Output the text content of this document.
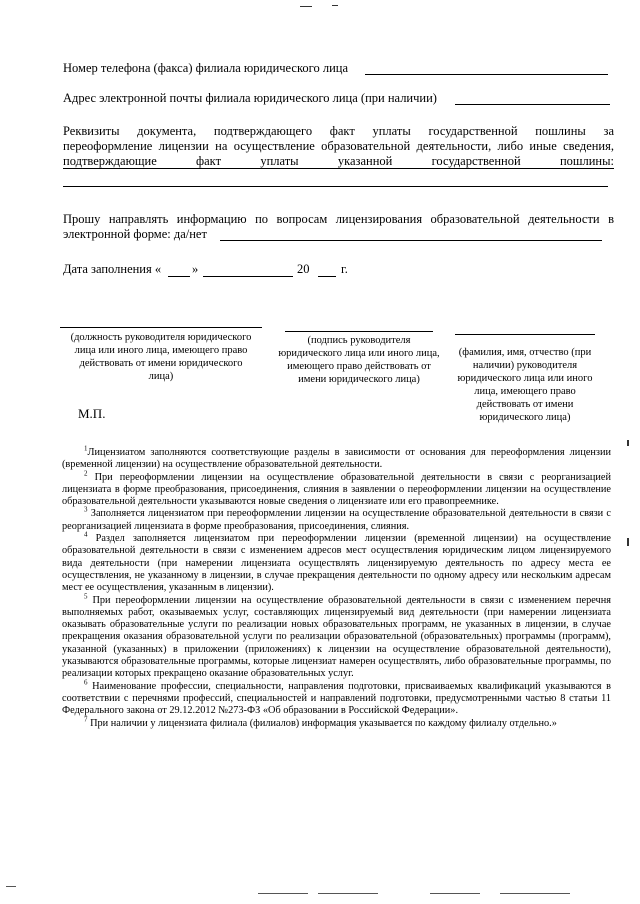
Номер телефона (факса) филиала юридического лица
Адрес электронной почты филиала юридического лица (при наличии)
Реквизиты документа, подтверждающего факт уплаты государственной пошлины за
переоформление лицензии на осуществление образовательной деятельности, либо иные сведения,
подтверждающие факт уплаты указанной государственной пошлины:
Прошу направлять информацию по вопросам лицензирования образовательной деятельности в
электронной форме: да/нет
Дата заполнения « »	20	г.
(должность руководителя юридического лица или иного лица, имеющего право действовать от имени юридического лица)
(подпись руководителя юридического лица или иного лица, имеющего право действовать от имени юридического лица)
(фамилия, имя, отчество (при наличии) руководителя юридического лица или иного лица, имеющего право действовать от имени юридического лица)
М.П.

$^1$Лицензиатом заполняются соответствующие разделы в зависимости от основания для переоформления лицензии (временной лицензии) на осуществление образовательной деятельности.

$^2$ При переоформлении лицензии на осуществление образовательной деятельности в связи с реорганизацией лицензиата в форме преобразования, присоединения, слияния в заявлении о переоформлении лицензии на осуществление образовательной деятельности указываются новые сведения о лицензиате или его правопреемнике.

$^3$ Заполняется лицензиатом при переоформлении лицензии на осуществление образовательной деятельности в связи с реорганизацией лицензиата в форме преобразования, присоединения, слияния.

$^4$ Раздел заполняется лицензиатом при переоформлении лицензии (временной лицензии) на осуществление образовательной деятельности в связи с изменением адресов мест осуществления юридическим лицом лицензируемого вида деятельности (при намерении лицензиата осуществлять лицензируемую деятельность по адресу места ее осуществления, не указанному в лицензии, в случае прекращения деятельности по одному адресу или нескольким адресам мест ее осуществления, указанным в лицензии).

$^5$ При переоформлении лицензии на осуществление образовательной деятельности в связи с изменением перечня выполняемых работ, оказываемых услуг, составляющих лицензируемый вид деятельности (при намерении лицензиата оказывать образовательные услуги по реализации новых образовательных программ, не указанных в лицензии, в случае прекращения оказания образовательной услуги по реализации образовательной (образовательных) программы (программ), указанной (указанных) в приложении (приложениях) к лицензии на осуществление образовательной деятельности), указываются образовательные программы, которые лицензиат намерен осуществлять, либо образовательные программы, по реализации которых прекращено оказание образовательных услуг.

$^6$ Наименование профессии, специальности, направления подготовки, присваиваемых квалификаций указываются в соответствии с перечнями профессий, специальностей и направлений подготовки, предусмотренными частью 8 статьи 11 Федерального закона от 29.12.2012 №273-ФЗ «Об образовании в Российской Федерации».

$^7$ При наличии у лицензиата филиала (филиалов) информация указывается по каждому филиалу отдельно.»
